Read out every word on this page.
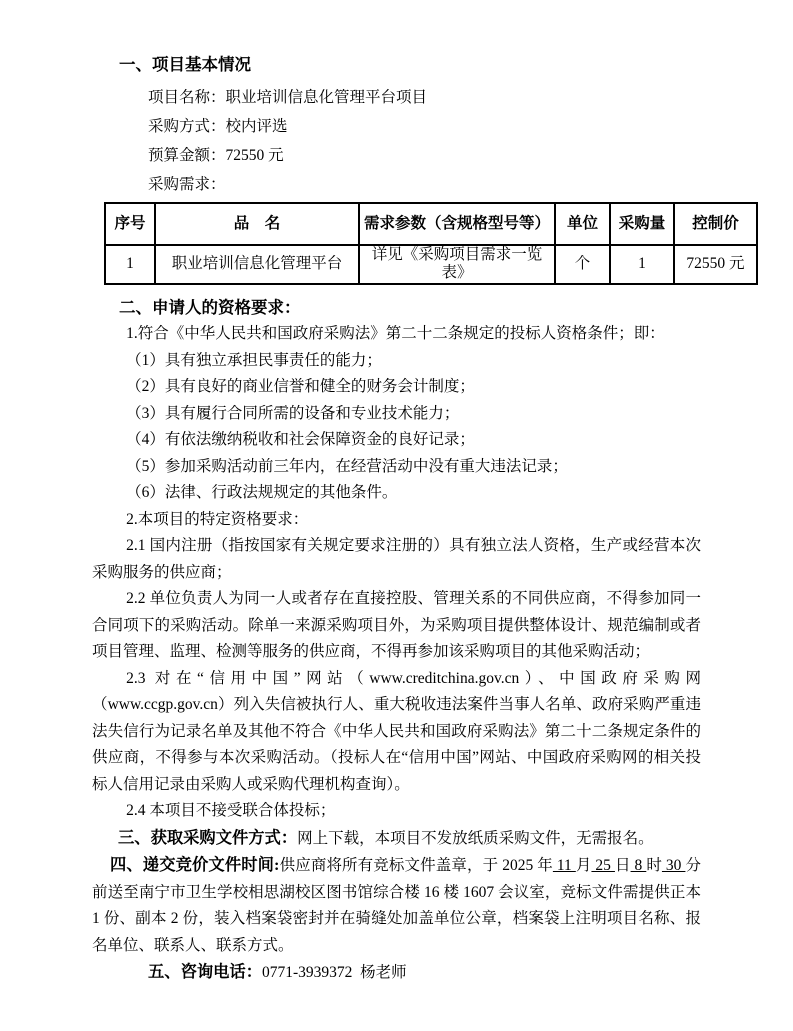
一、项目基本情况

项目名称：职业培训信息化管理平台项目

采购方式：校内评选

预算金额：72550 元

采购需求：

序号	品　名	需求参数（含规格型号等）	单位	采购量	控制价
1	职业培训信息化管理平台	详见《采购项目需求一览表》	个	1	72550 元

二、申请人的资格要求：

1.符合《中华人民共和国政府采购法》第二十二条规定的投标人资格条件；即：

（1）具有独立承担民事责任的能力；

（2）具有良好的商业信誉和健全的财务会计制度；

（3）具有履行合同所需的设备和专业技术能力；

（4）有依法缴纳税收和社会保障资金的良好记录；

（5）参加采购活动前三年内，在经营活动中没有重大违法记录；

（6）法律、行政法规规定的其他条件。

2.本项目的特定资格要求：

2.1 国内注册（指按国家有关规定要求注册的）具有独立法人资格，生产或经营本次采购服务的供应商；

2.2 单位负责人为同一人或者存在直接控股、管理关系的不同供应商，不得参加同一合同项下的采购活动。除单一来源采购项目外，为采购项目提供整体设计、规范编制或者项目管理、监理、检测等服务的供应商，不得再参加该采购项目的其他采购活动；

2.3 对在“信用中国”网站（www.creditchina.gov.cn）、中国政府采购网（www.ccgp.gov.cn）列入失信被执行人、重大税收违法案件当事人名单、政府采购严重违法失信行为记录名单及其他不符合《中华人民共和国政府采购法》第二十二条规定条件的供应商，不得参与本次采购活动。（投标人在“信用中国”网站、中国政府采购网的相关投标人信用记录由采购人或采购代理机构查询）。

2.4 本项目不接受联合体投标；

三、获取采购文件方式：网上下载，本项目不发放纸质采购文件，无需报名。

四、递交竞价文件时间:供应商将所有竞标文件盖章，于 2025 年 11 月 25 日 8 时 30 分前送至南宁市卫生学校相思湖校区图书馆综合楼 16 楼 1607 会议室，竞标文件需提供正本 1 份、副本 2 份，装入档案袋密封并在骑缝处加盖单位公章，档案袋上注明项目名称、报名单位、联系人、联系方式。

五、咨询电话：0771-3939372  杨老师
